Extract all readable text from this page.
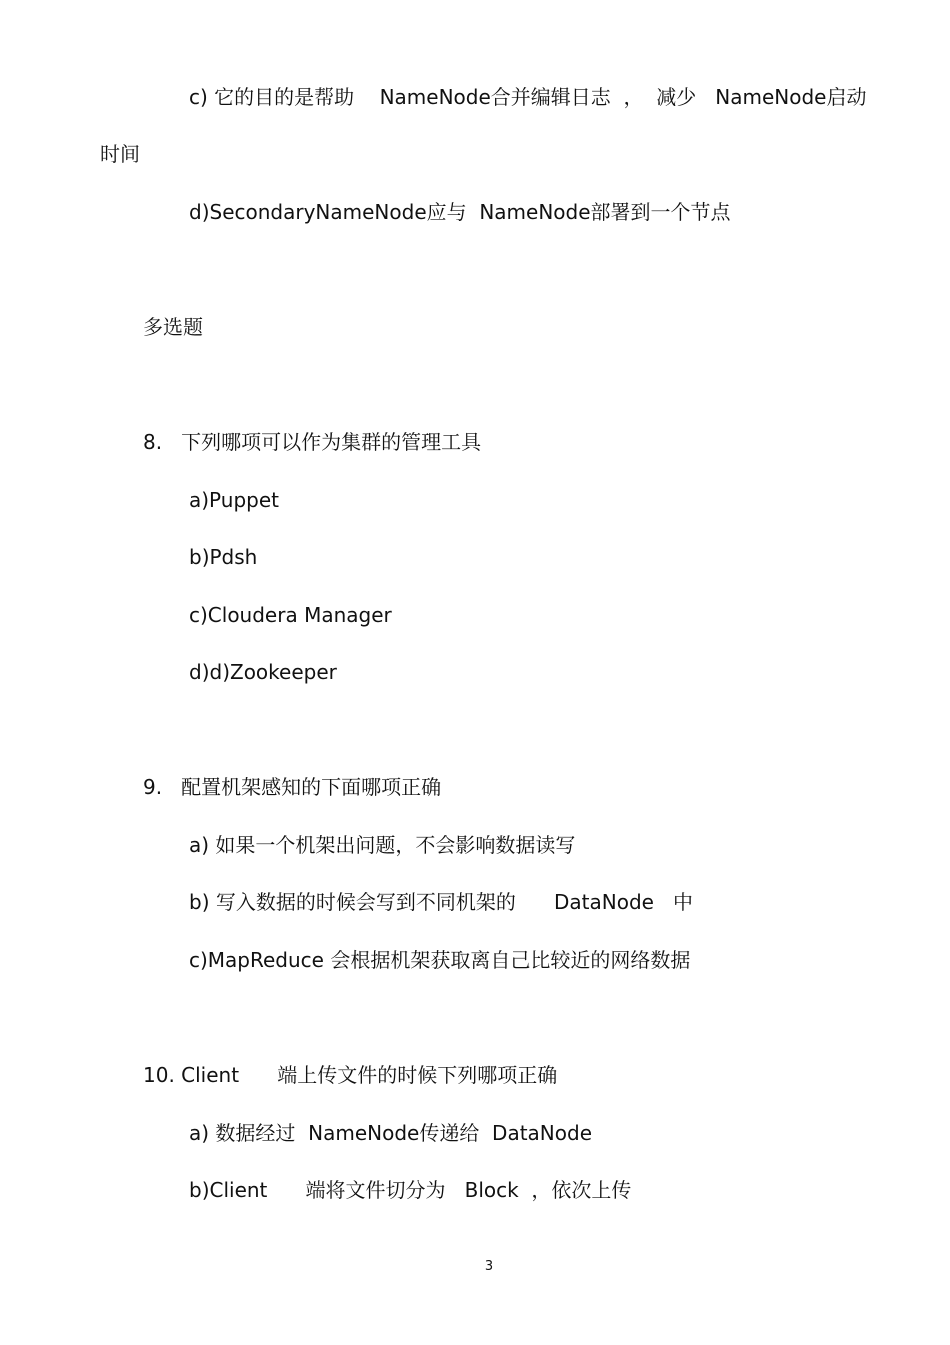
c) 它的目的是帮助    NameNode合并编辑日志  ，  减少   NameNode启动
时间
d)SecondaryNameNode应与  NameNode部署到一个节点
多选题
8.   下列哪项可以作为集群的管理工具
a)Puppet
b)Pdsh
c)Cloudera Manager
d)d)Zookeeper
9.   配置机架感知的下面哪项正确
a) 如果一个机架出问题，不会影响数据读写
b) 写入数据的时候会写到不同机架的      DataNode   中
c)MapReduce 会根据机架获取离自己比较近的网络数据
10. Client      端上传文件的时候下列哪项正确
a) 数据经过  NameNode传递给  DataNode
b)Client      端将文件切分为   Block  ，依次上传
3
